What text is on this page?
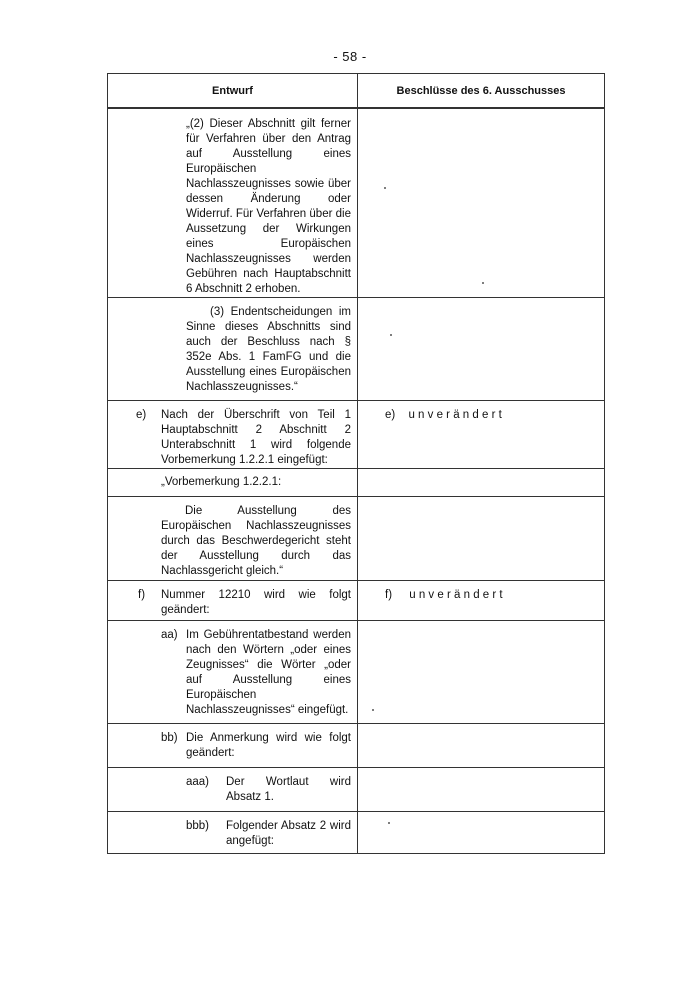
- 58 -
Entwurf	Beschlüsse des 6. Ausschusses

„(2) Dieser Abschnitt gilt ferner für Verfahren über den Antrag auf Ausstellung eines Europäischen Nachlasszeugnisses sowie über dessen Änderung oder Widerruf. Für Verfahren über die Aussetzung der Wirkungen eines Europäischen Nachlasszeugnisses werden Gebühren nach Hauptabschnitt 6 Abschnitt 2 erhoben.	

(3) Endentscheidungen im Sinne dieses Abschnitts sind auch der Beschluss nach § 352e Abs. 1 FamFG und die Ausstellung eines Europäischen Nachlasszeugnisses.“	

e) Nach der Überschrift von Teil 1 Hauptabschnitt 2 Abschnitt 2 Unterabschnitt 1 wird folgende Vorbemerkung 1.2.2.1 eingefügt:	e) unverändert

„Vorbemerkung 1.2.2.1:	

Die Ausstellung des Europäischen Nachlasszeugnisses durch das Beschwerdegericht steht der Ausstellung durch das Nachlassgericht gleich.“	

f) Nummer 12210 wird wie folgt geändert:	f) unverändert

aa) Im Gebührentatbestand werden nach den Wörtern „oder eines Zeugnisses“ die Wörter „oder auf Ausstellung eines Europäischen Nachlasszeugnisses“ eingefügt.	

bb) Die Anmerkung wird wie folgt geändert:	

aaa) Der Wortlaut wird Absatz 1.	

bbb) Folgender Absatz 2 wird angefügt:	
